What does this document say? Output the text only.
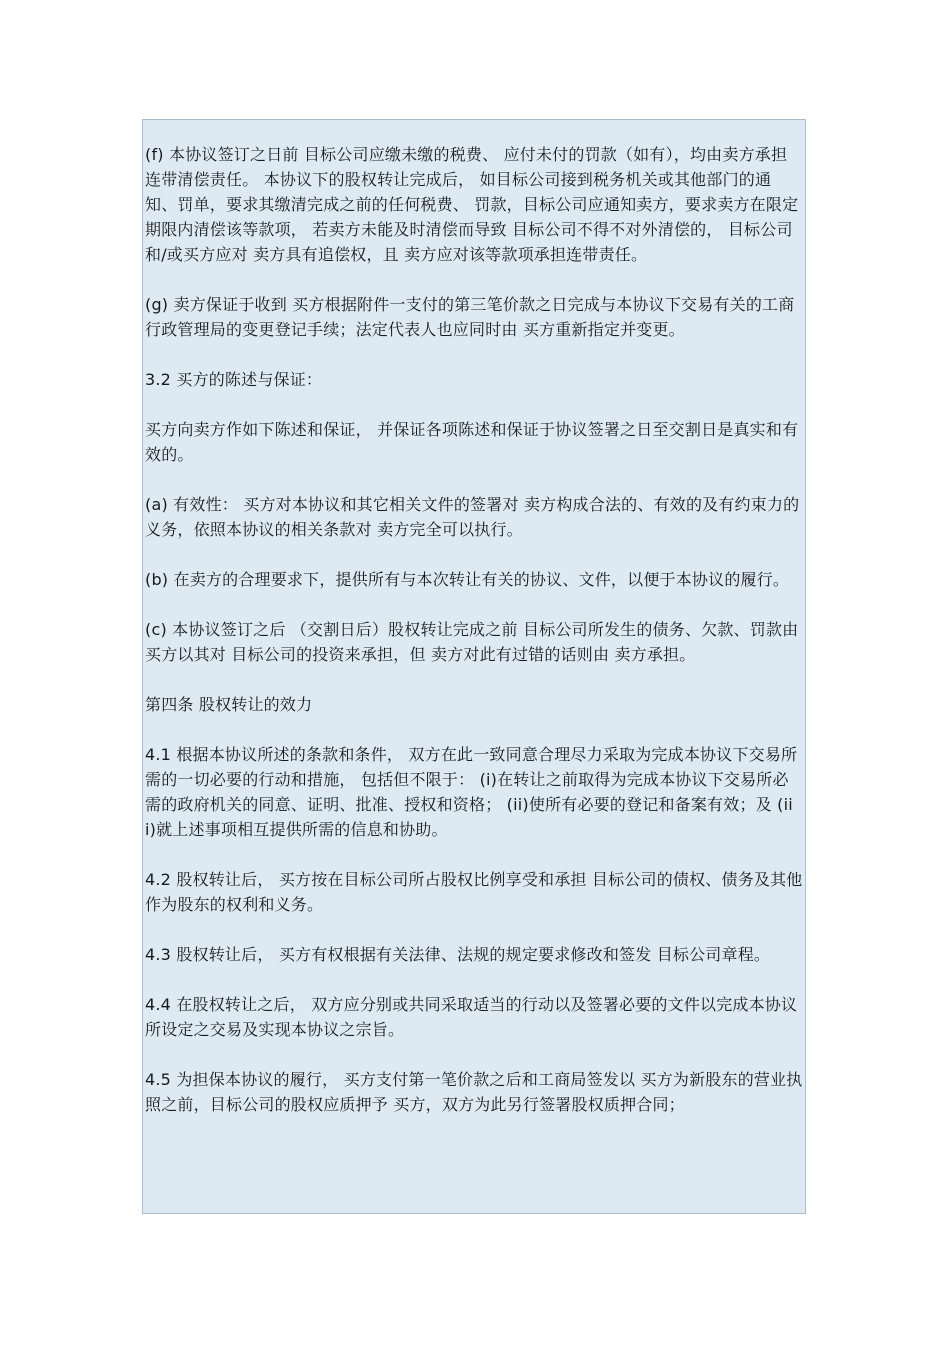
(f) 本协议签订之日前 目标公司应缴未缴的税费、 应付未付的罚款（如有），均由卖方承担连带清偿责任。 本协议下的股权转让完成后， 如目标公司接到税务机关或其他部门的通知、罚单，要求其缴清完成之前的任何税费、 罚款，目标公司应通知卖方，要求卖方在限定期限内清偿该等款项， 若卖方未能及时清偿而导致 目标公司不得不对外清偿的， 目标公司和/或买方应对 卖方具有追偿权，且 卖方应对该等款项承担连带责任。

(g) 卖方保证于收到 买方根据附件一支付的第三笔价款之日完成与本协议下交易有关的工商行政管理局的变更登记手续；法定代表人也应同时由 买方重新指定并变更。

3.2 买方的陈述与保证：

买方向卖方作如下陈述和保证， 并保证各项陈述和保证于协议签署之日至交割日是真实和有效的。

(a) 有效性： 买方对本协议和其它相关文件的签署对 卖方构成合法的、有效的及有约束力的义务，依照本协议的相关条款对 卖方完全可以执行。

(b) 在卖方的合理要求下，提供所有与本次转让有关的协议、文件，以便于本协议的履行。

(c) 本协议签订之后 （交割日后）股权转让完成之前 目标公司所发生的债务、欠款、罚款由 买方以其对 目标公司的投资来承担，但 卖方对此有过错的话则由 卖方承担。

第四条 股权转让的效力

4.1 根据本协议所述的条款和条件， 双方在此一致同意合理尽力采取为完成本协议下交易所需的一切必要的行动和措施， 包括但不限于： (i)在转让之前取得为完成本协议下交易所必需的政府机关的同意、证明、批准、授权和资格； (ii)使所有必要的登记和备案有效；及 (iii)就上述事项相互提供所需的信息和协助。

4.2 股权转让后， 买方按在目标公司所占股权比例享受和承担 目标公司的债权、债务及其他作为股东的权利和义务。

4.3 股权转让后， 买方有权根据有关法律、法规的规定要求修改和签发 目标公司章程。

4.4 在股权转让之后， 双方应分别或共同采取适当的行动以及签署必要的文件以完成本协议所设定之交易及实现本协议之宗旨。

4.5 为担保本协议的履行， 买方支付第一笔价款之后和工商局签发以 买方为新股东的营业执照之前，目标公司的股权应质押予 买方，双方为此另行签署股权质押合同；
